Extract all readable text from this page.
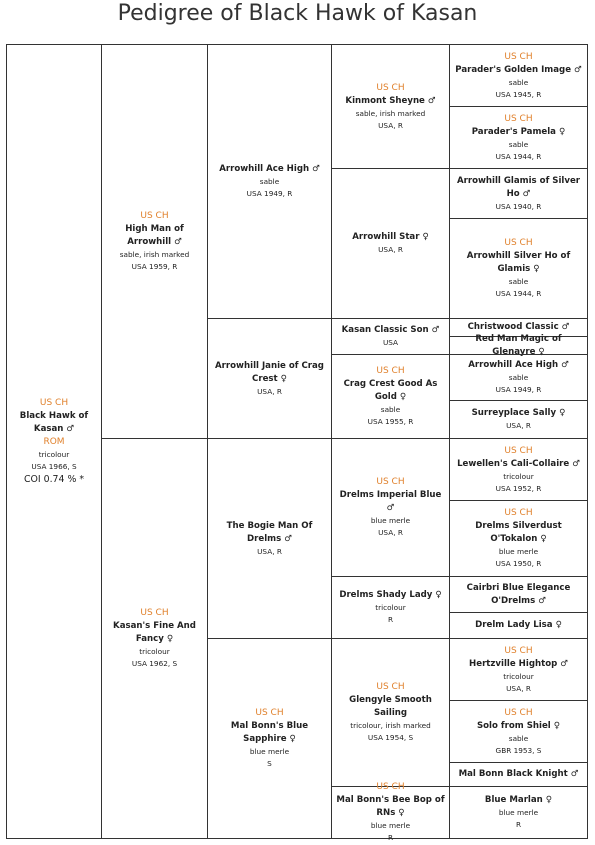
Pedigree of Black Hawk of Kasan
US CH
Black Hawk of Kasan ♂
ROM
tricolour
USA 1966, S
COI 0.74 % *
US CH
High Man of Arrowhill ♂
sable, irish marked
USA 1959, R
US CH
Kasan's Fine And Fancy ♀
tricolour
USA 1962, S
Arrowhill Ace High ♂
sable
USA 1949, R
Arrowhill Janie of Crag Crest ♀
USA, R
The Bogie Man Of Drelms ♂
USA, R
US CH
Mal Bonn's Blue Sapphire ♀
blue merle
S
US CH
Kinmont Sheyne ♂
sable, irish marked
USA, R
Arrowhill Star ♀
USA, R
Kasan Classic Son ♂
USA
US CH
Crag Crest Good As Gold ♀
sable
USA 1955, R
US CH
Drelms Imperial Blue ♂
blue merle
USA, R
Drelms Shady Lady ♀
tricolour
R
US CH
Glengyle Smooth Sailing
tricolour, irish marked
USA 1954, S
US CH
Mal Bonn's Bee Bop of RNs ♀
blue merle
R
US CH
Parader's Golden Image ♂
sable
USA 1945, R
US CH
Parader's Pamela ♀
sable
USA 1944, R
Arrowhill Glamis of Silver Ho ♂
USA 1940, R
US CH
Arrowhill Silver Ho of Glamis ♀
sable
USA 1944, R
Christwood Classic ♂
Red Man Magic of Glenayre ♀
Arrowhill Ace High ♂
sable
USA 1949, R
Surreyplace Sally ♀
USA, R
US CH
Lewellen's Cali-Collaire ♂
tricolour
USA 1952, R
US CH
Drelms Silverdust O'Tokalon ♀
blue merle
USA 1950, R
Cairbri Blue Elegance O'Drelms ♂
Drelm Lady Lisa ♀
US CH
Hertzville Hightop ♂
tricolour
USA, R
US CH
Solo from Shiel ♀
sable
GBR 1953, S
Mal Bonn Black Knight ♂
Blue Marlan ♀
blue merle
R
